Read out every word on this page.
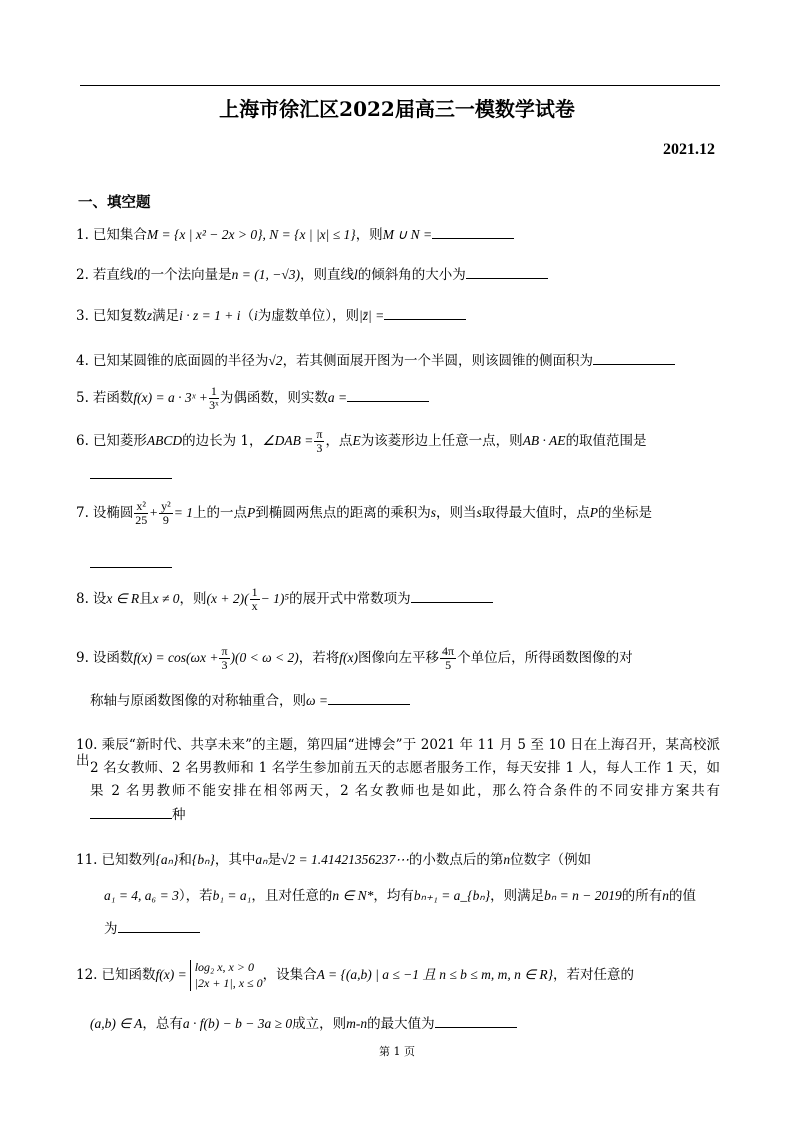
上海市徐汇区2022届高三一模数学试卷
2021.12
一、填空题
1. 已知集合M = {x | x² − 2x > 0}, N = {x | |x| ≤ 1}，则M ∪ N =
2. 若直线l的一个法向量是n = (1, −√3)，则直线l的倾斜角的大小为
3. 已知复数z满足i · z = 1 + i（i为虚数单位），则|z̄| =
4. 已知某圆锥的底面圆的半径为√2，若其侧面展开图为一个半圆，则该圆锥的侧面积为
5. 若函数f(x) = a · 3ˣ + $\frac{1}{\text{3ˣ}}$ 为偶函数，则实数a =
6. 已知菱形ABCD的边长为 1，∠DAB = $\frac{\pi}{3}$ ，点E为该菱形边上任意一点，则AB · AE的取值范围是
7. 设椭圆 $\frac{\text{x²}}{25} + \frac{\text{y²}}{9} = 1$上的一点P到椭圆两焦点的距离的乘积为s，则当s取得最大值时，点P的坐标是
8. 设x ∈ R且x ≠ 0，则$(x + 2)( \frac{1}{x} - 1)^5$的展开式中常数项为
9. 设函数$f(x) = \cos(\omega x + \frac{\pi}{3} )(0 < \omega < 2)$，若将f(x)图像向左平移 $\frac{4\pi}{5}$ 个单位后，所得函数图像的对
称轴与原函数图像的对称轴重合，则ω =
10. 乘辰“新时代、共享未来”的主题，第四届“进博会”于 2021 年 11 月 5 至 10 日在上海召开，某高校派出 2 名女教师、2 名男教师和 1 名学生参加前五天的志愿者服务工作，每天安排 1 人，每人工作 1 天，如
果 2 名男教师不能安排在相邻两天，2 名女教师也是如此，那么符合条件的不同安排方案共有
种
11. 已知数列{aₙ}和{bₙ}，其中aₙ是√2 = 1.41421356237⋯的小数点后的第n位数字（例如
a₁ = 4, a₆ = 3），若b₁ = a₁，且对任意的n ∈ N*，均有bₙ₊₁ = a_{bₙ}，则满足bₙ = n − 2019的所有n的值
为
12. 已知函数f(x) =
log₂ x, x > 0
|2x + 1|, x ≤ 0 ，设集合A = {(a,b) | a ≤ −1 且 n ≤ b ≤ m, m, n ∈ R}，若对任意的
(a,b) ∈ A，总有a · f(b) − b − 3a ≥ 0成立，则m-n的最大值为
第 1 页
